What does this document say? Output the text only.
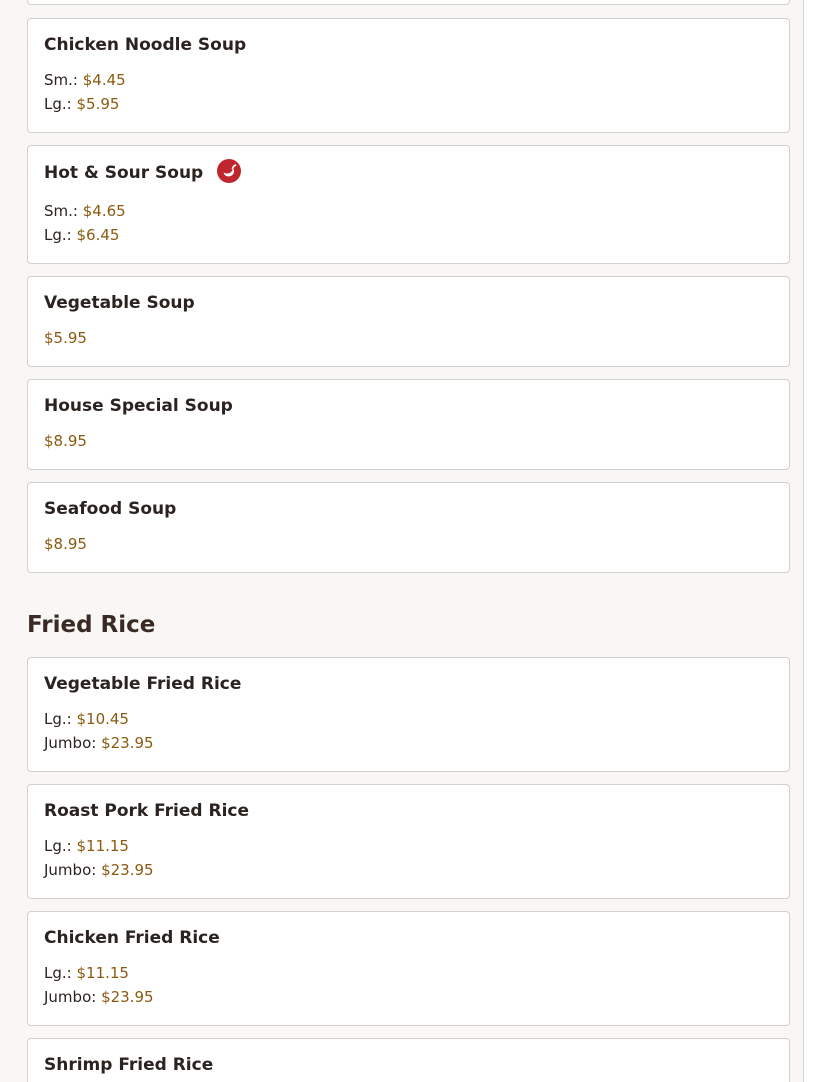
Chicken Noodle Soup
Sm.: $4.45
Lg.: $5.95
Hot & Sour Soup
Sm.: $4.65
Lg.: $6.45
Vegetable Soup
$5.95
House Special Soup
$8.95
Seafood Soup
$8.95
Fried Rice
Vegetable Fried Rice
Lg.: $10.45
Jumbo: $23.95
Roast Pork Fried Rice
Lg.: $11.15
Jumbo: $23.95
Chicken Fried Rice
Lg.: $11.15
Jumbo: $23.95
Shrimp Fried Rice
